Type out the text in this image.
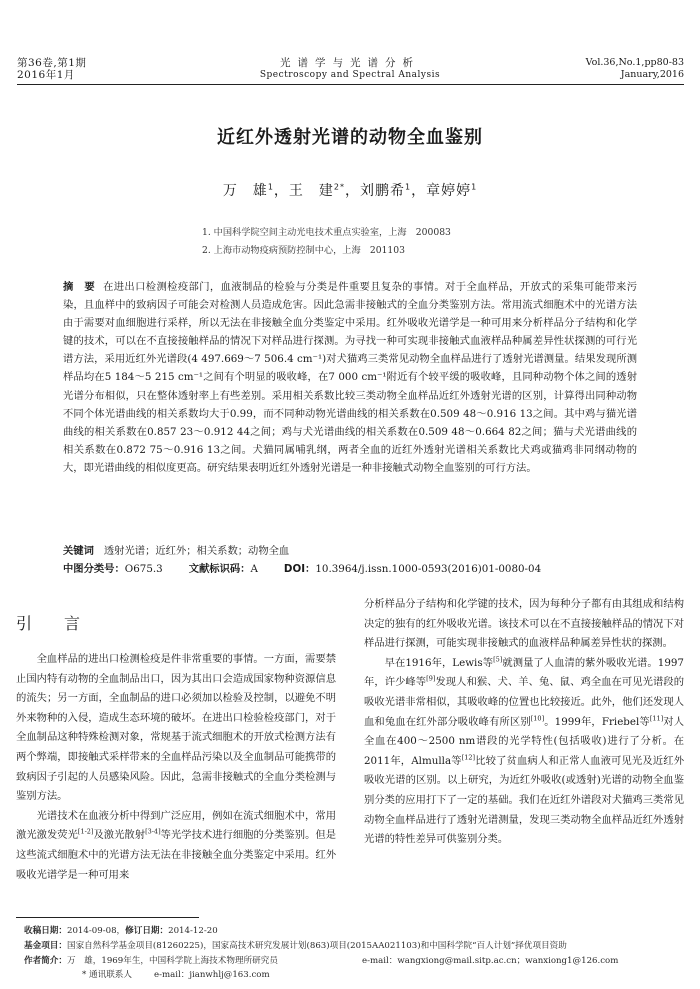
第36卷,第1期
2016年1月
光谱学与光谱分析
Spectroscopy and Spectral Analysis
Vol.36,No.1,pp80-83
January,2016
近红外透射光谱的动物全血鉴别
万　雄$^1$，王　建$^{2*}$，刘鹏希$^1$，章婷婷$^1$
1. 中国科学院空间主动光电技术重点实验室，上海　200083
2. 上海市动物疫病预防控制中心，上海　201103
摘　要 在进出口检测检疫部门，血液制品的检验与分类是件重要且复杂的事情。对于全血样品，开放式的采集可能带来污染，且血样中的致病因子可能会对检测人员造成危害。因此急需非接触式的全血分类鉴别方法。常用流式细胞术中的光谱方法由于需要对血细胞进行采样，所以无法在非接触全血分类鉴定中采用。红外吸收光谱学是一种可用来分析样品分子结构和化学键的技术，可以在不直接接触样品的情况下对样品进行探测。为寻找一种可实现非接触式血液样品种属差异性状探测的可行光谱方法，采用近红外光谱段(4 497.669～7 506.4 cm⁻¹)对犬猫鸡三类常见动物全血样品进行了透射光谱测量。结果发现所测样品均在5 184～5 215 cm⁻¹之间有个明显的吸收峰，在7 000 cm⁻¹附近有个较平缓的吸收峰，且同种动物个体之间的透射光谱分布相似，只在整体透射率上有些差别。采用相关系数比较三类动物全血样品近红外透射光谱的区别，计算得出同种动物不同个体光谱曲线的相关系数均大于0.99，而不同种动物光谱曲线的相关系数在0.509 48～0.916 13之间。其中鸡与猫光谱曲线的相关系数在0.857 23～0.912 44之间；鸡与犬光谱曲线的相关系数在0.509 48～0.664 82之间；猫与犬光谱曲线的相关系数在0.872 75～0.916 13之间。犬猫同属哺乳纲，两者全血的近红外透射光谱相关系数比犬鸡或猫鸡非同纲动物的大，即光谱曲线的相似度更高。研究结果表明近红外透射光谱是一种非接触式动物全血鉴别的可行方法。
关键词 透射光谱；近红外；相关系数；动物全血
中图分类号：O675.3	文献标识码：A	DOI：10.3964/j.issn.1000-0593(2016)01-0080-04
引　言

全血样品的进出口检测检疫是件非常重要的事情。一方面，需要禁止国内特有动物的全血制品出口，因为其出口会造成国家物种资源信息的流失；另一方面，全血制品的进口必须加以检验及控制，以避免不明外来物种的入侵，造成生态环境的破坏。在进出口检验检疫部门，对于全血制品这种特殊检测对象，常规基于流式细胞术的开放式检测方法有两个弊端，即接触式采样带来的全血样品污染以及全血制品可能携带的致病因子引起的人员感染风险。因此，急需非接触式的全血分类检测与鉴别方法。

光谱技术在血液分析中得到广泛应用，例如在流式细胞术中，常用激光激发荧光[1-2]及激光散射[3-4]等光学技术进行细胞的分类鉴别。但是这些流式细胞术中的光谱方法无法在非接触全血分类鉴定中采用。红外吸收光谱学是一种可用来

分析样品分子结构和化学键的技术，因为每种分子都有由其组成和结构决定的独有的红外吸收光谱。该技术可以在不直接接触样品的情况下对样品进行探测，可能实现非接触式的血液样品种属差异性状的探测。

早在1916年，Lewis等[5]就测量了人血清的紫外吸收光谱。1997年，许少峰等[9]发现人和猴、犬、羊、兔、鼠、鸡全血在可见光谱段的吸收光谱非常相似，其吸收峰的位置也比较接近。此外，他们还发现人血和兔血在红外部分吸收峰有所区别[10]。1999年，Friebel等[11]对人全血在400～2500 nm谱段的光学特性(包括吸收)进行了分析。在2011年，Almulla等[12]比较了贫血病人和正常人血液可见光及近红外吸收光谱的区别。以上研究，为近红外吸收(或透射)光谱的动物全血鉴别分类的应用打下了一定的基础。我们在近红外谱段对犬猫鸡三类常见动物全血样品进行了透射光谱测量，发现三类动物全血样品近红外透射光谱的特性差异可供鉴别分类。

收稿日期：2014-09-08，修订日期：2014-12-20
基金项目：国家自然科学基金项目(81260225)，国家高技术研究发展计划(863)项目(2015AA021103)和中国科学院“百人计划”择优项目资助
作者简介：万　雄，1969年生，中国科学院上海技术物理所研究员	e-mail：wangxiong@mail.sitp.ac.cn；wanxiong1@126.com
* 通讯联系人	e-mail：jianwhlj@163.com
